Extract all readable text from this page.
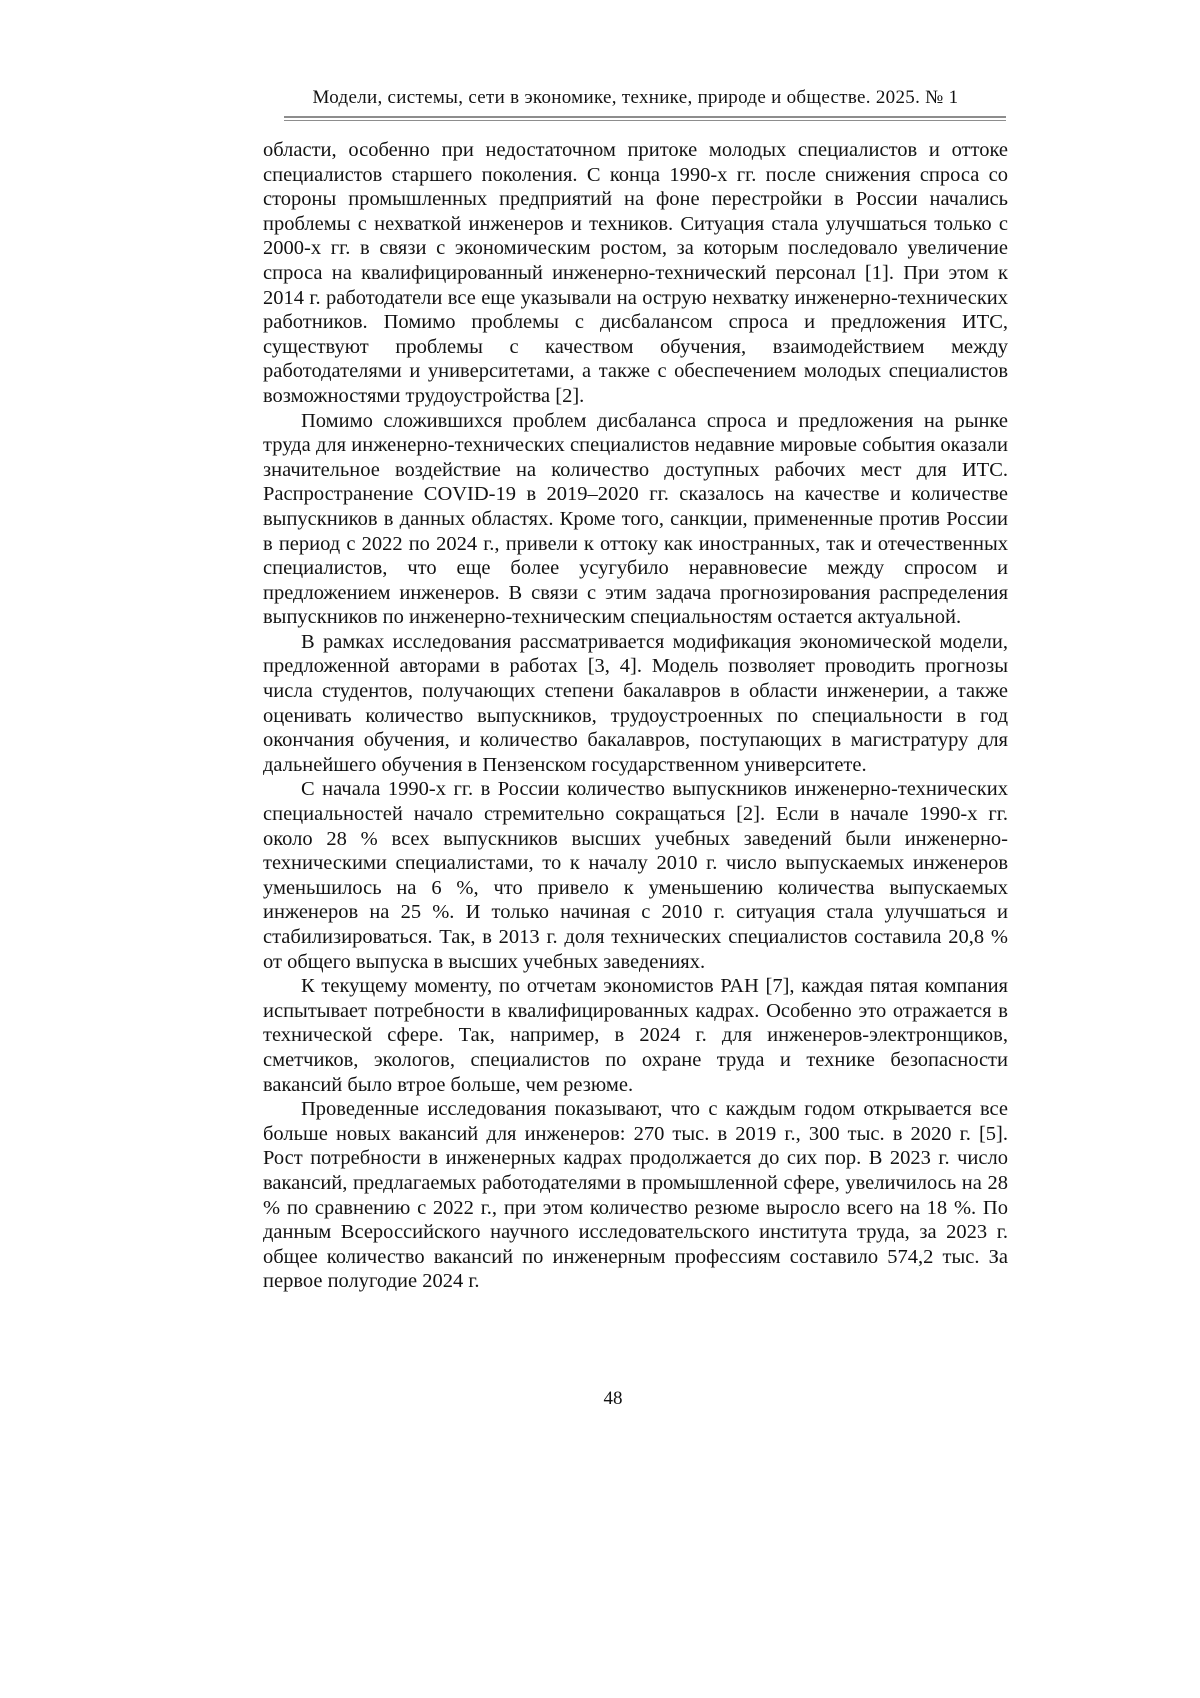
Модели, системы, сети в экономике, технике, природе и обществе. 2025. № 1

области, особенно при недостаточном притоке молодых специалистов и оттоке специалистов старшего поколения. С конца 1990-х гг. после снижения спроса со стороны промышленных предприятий на фоне перестройки в России начались проблемы с нехваткой инженеров и техников. Ситуация стала улучшаться только с 2000-х гг. в связи с экономическим ростом, за которым последовало увеличение спроса на квалифицированный инженерно-технический персонал [1]. При этом к 2014 г. работодатели все еще указывали на острую нехватку инженерно-технических работников. Помимо проблемы с дисбалансом спроса и предложения ИТС, существуют проблемы с качеством обучения, взаимодействием между работодателями и университетами, а также с обеспечением молодых специалистов возможностями трудоустройства [2].

Помимо сложившихся проблем дисбаланса спроса и предложения на рынке труда для инженерно-технических специалистов недавние мировые события оказали значительное воздействие на количество доступных рабочих мест для ИТС. Распространение COVID-19 в 2019–2020 гг. сказалось на качестве и количестве выпускников в данных областях. Кроме того, санкции, примененные против России в период с 2022 по 2024 г., привели к оттоку как иностранных, так и отечественных специалистов, что еще более усугубило неравновесие между спросом и предложением инженеров. В связи с этим задача прогнозирования распределения выпускников по инженерно-техническим специальностям остается актуальной.

В рамках исследования рассматривается модификация экономической модели, предложенной авторами в работах [3, 4]. Модель позволяет проводить прогнозы числа студентов, получающих степени бакалавров в области инженерии, а также оценивать количество выпускников, трудоустроенных по специальности в год окончания обучения, и количество бакалавров, поступающих в магистратуру для дальнейшего обучения в Пензенском государственном университете.

С начала 1990-х гг. в России количество выпускников инженерно-технических специальностей начало стремительно сокращаться [2]. Если в начале 1990-х гг. около 28 % всех выпускников высших учебных заведений были инженерно-техническими специалистами, то к началу 2010 г. число выпускаемых инженеров уменьшилось на 6 %, что привело к уменьшению количества выпускаемых инженеров на 25 %. И только начиная с 2010 г. ситуация стала улучшаться и стабилизироваться. Так, в 2013 г. доля технических специалистов составила 20,8 % от общего выпуска в высших учебных заведениях.

К текущему моменту, по отчетам экономистов РАН [7], каждая пятая компания испытывает потребности в квалифицированных кадрах. Особенно это отражается в технической сфере. Так, например, в 2024 г. для инженеров-электронщиков, сметчиков, экологов, специалистов по охране труда и технике безопасности вакансий было втрое больше, чем резюме.

Проведенные исследования показывают, что с каждым годом открывается все больше новых вакансий для инженеров: 270 тыс. в 2019 г., 300 тыс. в 2020 г. [5]. Рост потребности в инженерных кадрах продолжается до сих пор. В 2023 г. число вакансий, предлагаемых работодателями в промышленной сфере, увеличилось на 28 % по сравнению с 2022 г., при этом количество резюме выросло всего на 18 %. По данным Всероссийского научного исследовательского института труда, за 2023 г. общее количество вакансий по инженерным профессиям составило 574,2 тыс. За первое полугодие 2024 г.

48
